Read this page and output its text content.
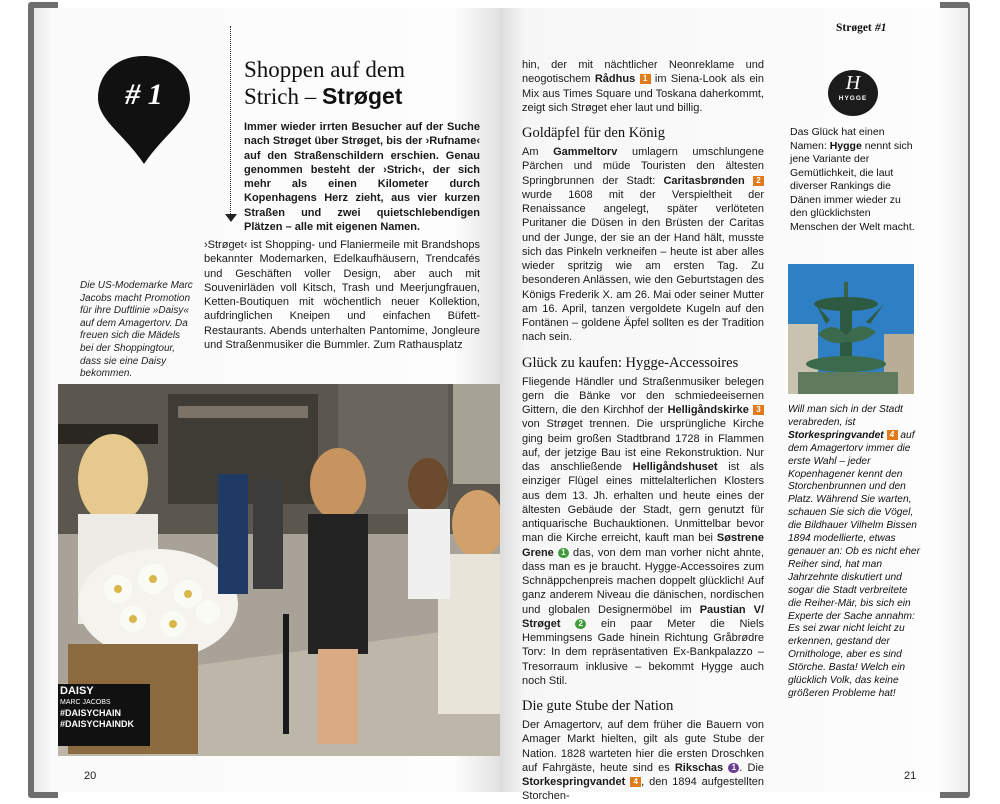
# 1
Shoppen auf dem
Strich – Strøget
Immer wieder irrten Besucher auf der Suche nach Strøget über Strøget, bis der ›Rufname‹ auf den Straßenschildern erschien. Genau genommen besteht der ›Strich‹, der sich mehr als einen Kilometer durch Kopenhagens Herz zieht, aus vier kurzen Straßen und zwei quietschlebendigen Plätzen – alle mit eigenen Namen.
›Strøget‹ ist Shopping- und Flaniermeile mit Brandshops bekannter Modemarken, Edelkaufhäusern, Trendcafés und Geschäften voller Design, aber auch mit Souvenirläden voll Kitsch, Trash und Meerjungfrauen, Ketten-Boutiquen mit wöchentlich neuer Kollektion, aufdringlichen Kneipen und einfachen Büfett-Restaurants. Abends unterhalten Pantomime, Jongleure und Straßenmusiker die Bummler. Zum Rathausplatz
Die US-Modemarke Marc Jacobs macht Promotion für ihre Duftlinie »Daisy« auf dem Amagertorv. Da freuen sich die Mädels bei der Shoppingtour, dass sie eine Daisy bekommen.
DAISY
MARC JACOBS
#DAISYCHAIN
#DAISYCHAINDK
20
Strøget #1

hin, der mit nächtlicher Neonreklame und neogotischem Rådhus 1 im Siena-Look als ein Mix aus Times Square und Toskana daherkommt, zeigt sich Strøget eher laut und billig.

Goldäpfel für den König

Am Gammeltorv umlagern umschlungene Pärchen und müde Touristen den ältesten Springbrunnen der Stadt: Caritasbrønden 2 wurde 1608 mit der Verspieltheit der Renaissance angelegt, später verlöteten Puritaner die Düsen in den Brüsten der Caritas und der Junge, der sie an der Hand hält, musste sich das Pinkeln verkneifen – heute ist aber alles wieder spritzig wie am ersten Tag. Zu besonderen Anlässen, wie den Geburtstagen des Königs Frederik X. am 26. Mai oder seiner Mutter am 16. April, tanzen vergoldete Kugeln auf den Fontänen – goldene Äpfel sollten es der Tradition nach sein.

Glück zu kaufen: Hygge-Accessoires

Fliegende Händler und Straßenmusiker belegen gern die Bänke vor den schmiedeeisernen Gittern, die den Kirchhof der Helligåndskirke 3 von Strøget trennen. Die ursprüngliche Kirche ging beim großen Stadtbrand 1728 in Flammen auf, der jetzige Bau ist eine Rekonstruktion. Nur das anschließende Helligåndshuset ist als einziger Flügel eines mittelalterlichen Klosters aus dem 13. Jh. erhalten und heute eines der ältesten Gebäude der Stadt, gern genutzt für antiquarische Buchauktionen. Unmittelbar bevor man die Kirche erreicht, kauft man bei Søstrene Grene 1 das, von dem man vorher nicht ahnte, dass man es je braucht. Hygge-Accessoires zum Schnäppchenpreis machen doppelt glücklich! Auf ganz anderem Niveau die dänischen, nordischen und globalen Designermöbel im Paustian V/ Strøget 2 ein paar Meter die Niels Hemmingsens Gade hinein Richtung Gråbrødre Torv: In dem repräsentativen Ex-Bankpalazzo – Tresorraum inklusive – bekommt Hygge auch noch Stil.

Die gute Stube der Nation

Der Amagertorv, auf dem früher die Bauern von Amager Markt hielten, gilt als gute Stube der Nation. 1828 warteten hier die ersten Droschken auf Fahrgäste, heute sind es Rikschas 1 . Die Storkespringvandet 4 , den 1894 aufgestellten Storchen-

H
HYGGE
Das Glück hat einen Namen: Hygge nennt sich jene Variante der Gemütlichkeit, die laut diverser Rankings die Dänen immer wieder zu den glücklichsten Menschen der Welt macht.
Will man sich in der Stadt verabreden, ist Storkespringvandet 4 auf dem Amagertorv immer die erste Wahl – jeder Kopenhagener kennt den Storchenbrunnen und den Platz. Während Sie warten, schauen Sie sich die Vögel, die Bildhauer Vilhelm Bissen 1894 modellierte, etwas genauer an: Ob es nicht eher Reiher sind, hat man Jahrzehnte diskutiert und sogar die Stadt verbreitete die Reiher-Mär, bis sich ein Experte der Sache annahm: Es sei zwar nicht leicht zu erkennen, gestand der Ornithologe, aber es sind Störche. Basta! Welch ein glücklich Volk, das keine größeren Probleme hat!
21
